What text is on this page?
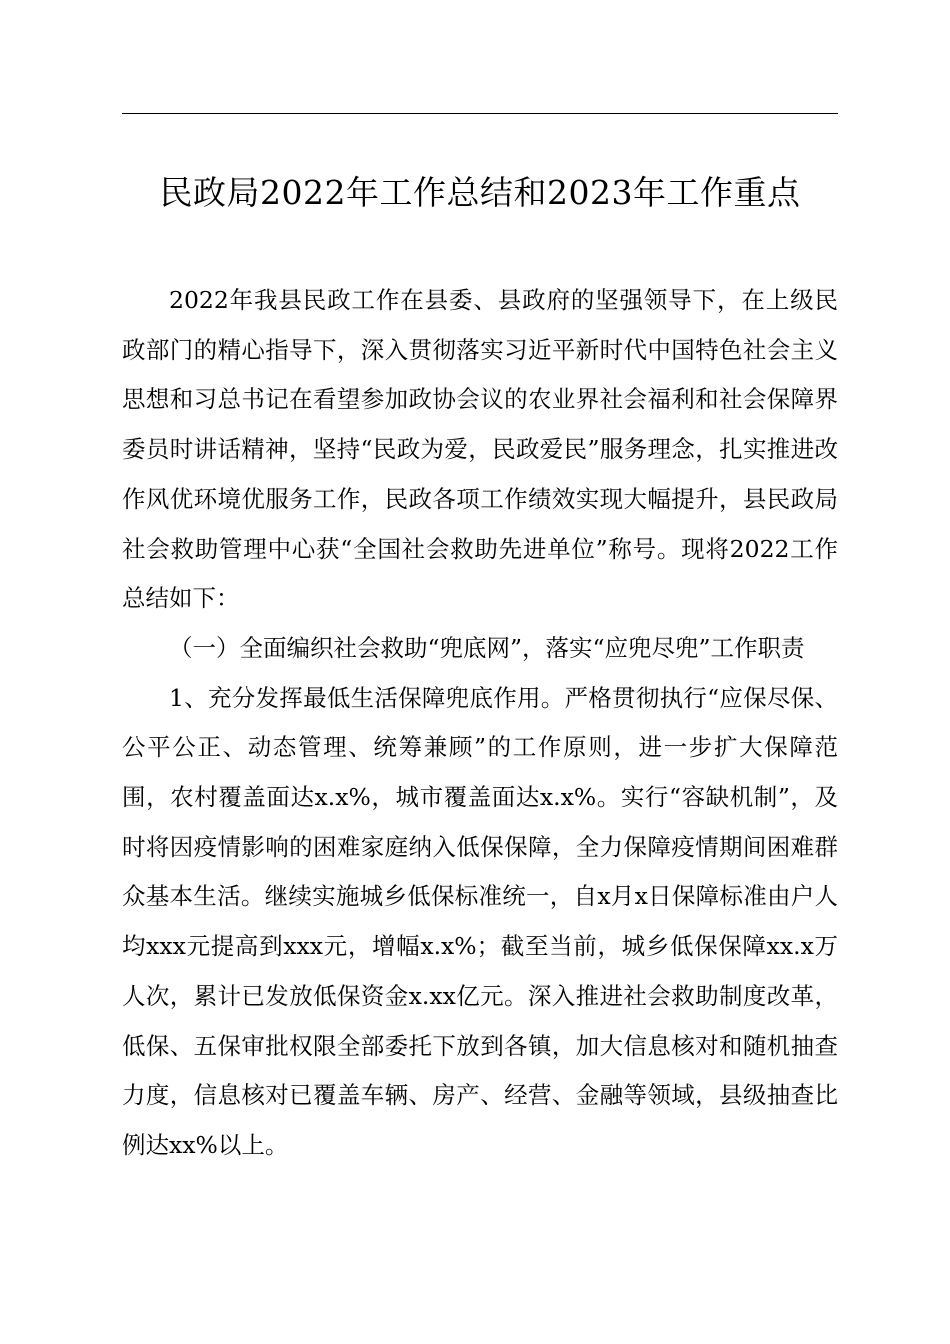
民政局2022年工作总结和2023年工作重点

2022年我县民政工作在县委、县政府的坚强领导下，在上级民政部门的精心指导下，深入贯彻落实习近平新时代中国特色社会主义思想和习总书记在看望参加政协会议的农业界社会福利和社会保障界委员时讲话精神，坚持“民政为爱，民政爱民”服务理念，扎实推进改作风优环境优服务工作，民政各项工作绩效实现大幅提升，县民政局社会救助管理中心获“全国社会救助先进单位”称号。现将2022工作总结如下：

（一）全面编织社会救助“兜底网”，落实“应兜尽兜”工作职责

1、充分发挥最低生活保障兜底作用。严格贯彻执行“应保尽保、公平公正、动态管理、统筹兼顾”的工作原则，进一步扩大保障范围，农村覆盖面达x.x%，城市覆盖面达x.x%。实行“容缺机制”，及时将因疫情影响的困难家庭纳入低保保障，全力保障疫情期间困难群众基本生活。继续实施城乡低保标准统一，自x月x日保障标准由户人均xxx元提高到xxx元，增幅x.x%；截至当前，城乡低保保障xx.x万人次，累计已发放低保资金x.xx亿元。深入推进社会救助制度改革，低保、五保审批权限全部委托下放到各镇，加大信息核对和随机抽查力度，信息核对已覆盖车辆、房产、经营、金融等领域，县级抽查比例达xx%以上。
